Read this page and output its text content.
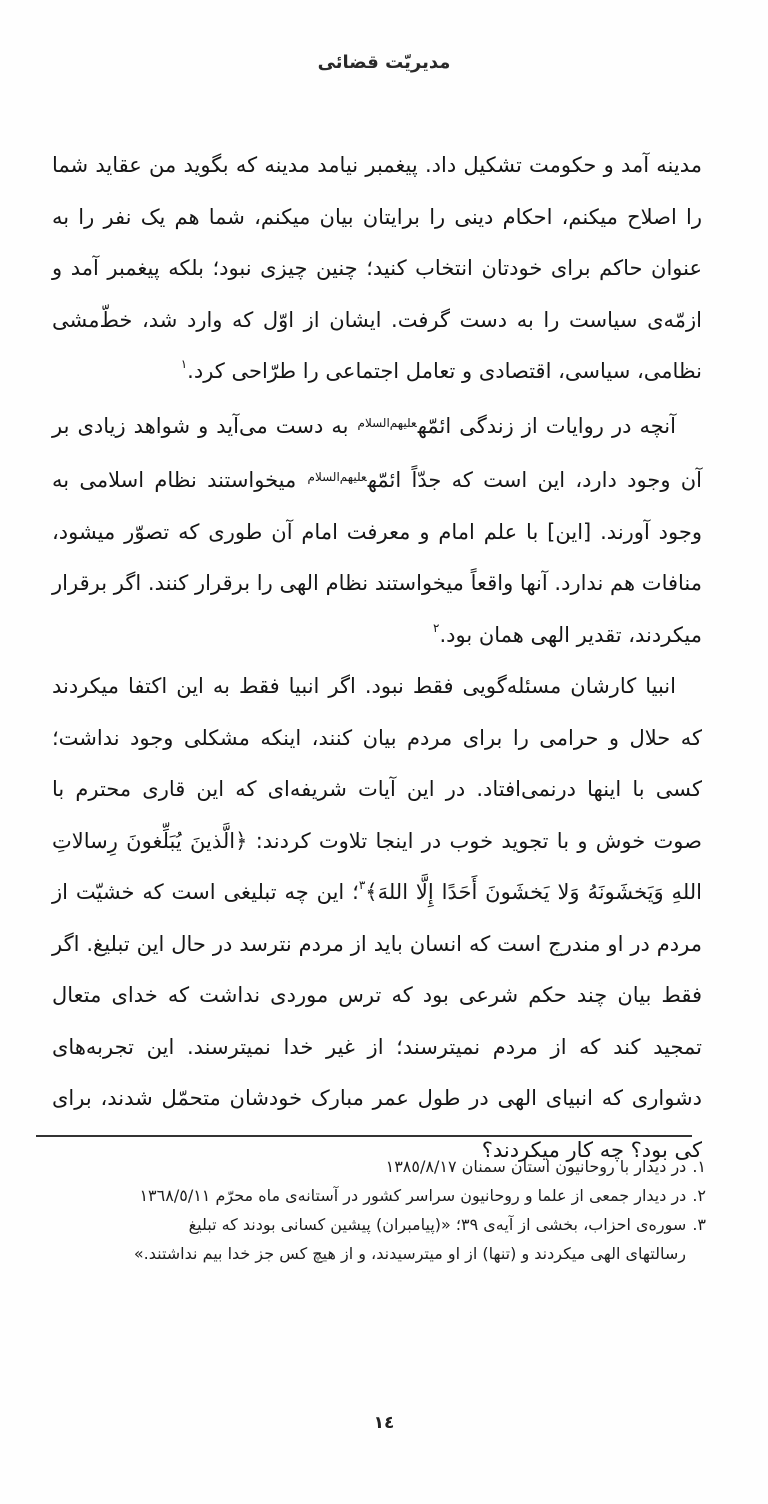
مدیریّت قضائی

مدینه آمد و حکومت تشکیل داد. پیغمبر نیامد مدینه که بگوید من عقاید شما را اصلاح میکنم، احکام دینی را برایتان بیان میکنم، شما هم یک نفر را به عنوان حاکم برای خودتان انتخاب کنید؛ چنین چیزی نبود؛ بلکه پیغمبر آمد و ازمّه‌ی سیاست را به دست گرفت. ایشان از اوّل که وارد شد، خطّ‌مشی نظامی، سیاسی، اقتصادی و تعامل اجتماعی را طرّاحی کرد.$^١$

آنچه در روایات از زندگی ائمّه$^{علیهم‌السلام}$ به دست می‌آید و شواهد زیادی بر آن وجود دارد، این است که جدّاً ائمّه$^{علیهم‌السلام}$ میخواستند نظام اسلامی به وجود آورند. [این] با علم امام و معرفت امام آن طوری که تصوّر میشود، منافات هم ندارد. آنها واقعاً میخواستند نظام الهی را برقرار کنند. اگر برقرار میکردند، تقدیر الهی همان بود.$^٢$

انبیا کارشان مسئله‌گویی فقط نبود. اگر انبیا فقط به این اکتفا میکردند که حلال و حرامی را برای مردم بیان کنند، اینکه مشکلی وجود نداشت؛ کسی با اینها درنمی‌افتاد. در این آیات شریفه‌ای که این قاری محترم با صوت خوش و با تجوید خوب در اینجا تلاوت کردند: ﴿الَّذینَ یُبَلِّغونَ رِسالاتِ اللهِ وَیَخشَونَهُ وَلا یَخشَونَ أَحَدًا إِلَّا اللهَ﴾$^٣$؛ این چه تبلیغی است که خشیّت از مردم در او مندرج است که انسان باید از مردم نترسد در حال این تبلیغ. اگر فقط بیان چند حکم شرعی بود که ترس موردی نداشت که خدای متعال تمجید کند که از مردم نمیترسند؛ از غیر خدا نمیترسند. این تجربه‌های دشواری که انبیای الهی در طول عمر مبارک خودشان متحمّل شدند، برای کی بود؟ چه کار میکردند؟

١.در دیدار با روحانیون استان سمنان ١٣٨٥/٨/١٧

٢.در دیدار جمعی از علما و روحانیون سراسر کشور در آستانه‌ی ماه محرّم ١٣٦٨/٥/١١

٣.سوره‌ی احزاب، بخشی از آیه‌ی ٣٩؛ «(پیامبران) پیشین کسانی بودند که تبلیغ
رسالتهای الهی میکردند و (تنها) از او میترسیدند، و از هیچ کس جز خدا بیم نداشتند.»

١٤
